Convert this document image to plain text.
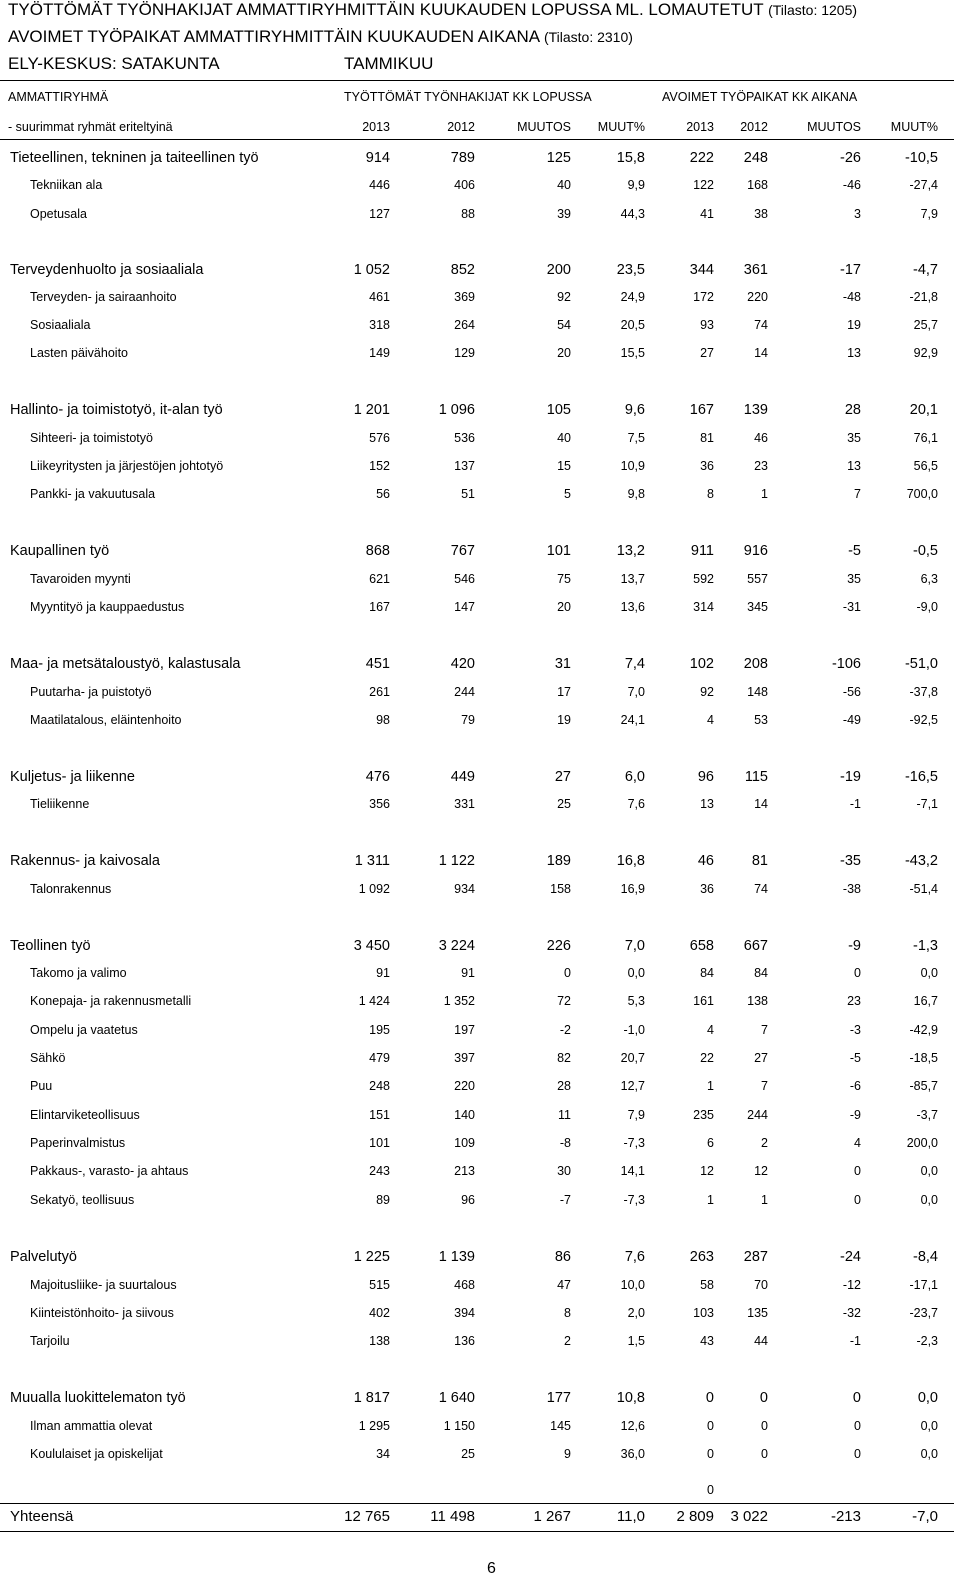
TYÖTTÖMÄT TYÖNHAKIJAT AMMATTIRYHMITTÄIN KUUKAUDEN LOPUSSA ML. LOMAUTETUT (Tilasto: 1205)
AVOIMET TYÖPAIKAT AMMATTIRYHMITTÄIN KUUKAUDEN AIKANA (Tilasto: 2310)
ELY-KESKUS: SATAKUNTA	TAMMIKUU
AMMATTIRYHMÄ	TYÖTTÖMÄT TYÖNHAKIJAT KK LOPUSSA	AVOIMET TYÖPAIKAT KK AIKANA
- suurimmat ryhmät eriteltyinä	2013	2012	MUUTOS	MUUT%	2013	2012	MUUTOS	MUUT%
Tieteellinen, tekninen ja taiteellinen työ	914	789	125	15,8	222	248	-26	-10,5
Tekniikan ala	446	406	40	9,9	122	168	-46	-27,4
Opetusala	127	88	39	44,3	41	38	3	7,9
Terveydenhuolto ja sosiaaliala	1 052	852	200	23,5	344	361	-17	-4,7
Terveyden- ja sairaanhoito	461	369	92	24,9	172	220	-48	-21,8
Sosiaaliala	318	264	54	20,5	93	74	19	25,7
Lasten päivähoito	149	129	20	15,5	27	14	13	92,9
Hallinto- ja toimistotyö, it-alan työ	1 201	1 096	105	9,6	167	139	28	20,1
Sihteeri- ja toimistotyö	576	536	40	7,5	81	46	35	76,1
Liikeyritysten ja järjestöjen johtotyö	152	137	15	10,9	36	23	13	56,5
Pankki- ja vakuutusala	56	51	5	9,8	8	1	7	700,0
Kaupallinen työ	868	767	101	13,2	911	916	-5	-0,5
Tavaroiden myynti	621	546	75	13,7	592	557	35	6,3
Myyntityö ja kauppaedustus	167	147	20	13,6	314	345	-31	-9,0
Maa- ja metsätaloustyö, kalastusala	451	420	31	7,4	102	208	-106	-51,0
Puutarha- ja puistotyö	261	244	17	7,0	92	148	-56	-37,8
Maatilatalous, eläintenhoito	98	79	19	24,1	4	53	-49	-92,5
Kuljetus- ja liikenne	476	449	27	6,0	96	115	-19	-16,5
Tieliikenne	356	331	25	7,6	13	14	-1	-7,1
Rakennus- ja kaivosala	1 311	1 122	189	16,8	46	81	-35	-43,2
Talonrakennus	1 092	934	158	16,9	36	74	-38	-51,4
Teollinen työ	3 450	3 224	226	7,0	658	667	-9	-1,3
Takomo ja valimo	91	91	0	0,0	84	84	0	0,0
Konepaja- ja rakennusmetalli	1 424	1 352	72	5,3	161	138	23	16,7
Ompelu ja vaatetus	195	197	-2	-1,0	4	7	-3	-42,9
Sähkö	479	397	82	20,7	22	27	-5	-18,5
Puu	248	220	28	12,7	1	7	-6	-85,7
Elintarviketeollisuus	151	140	11	7,9	235	244	-9	-3,7
Paperinvalmistus	101	109	-8	-7,3	6	2	4	200,0
Pakkaus-, varasto- ja ahtaus	243	213	30	14,1	12	12	0	0,0
Sekatyö, teollisuus	89	96	-7	-7,3	1	1	0	0,0
Palvelutyö	1 225	1 139	86	7,6	263	287	-24	-8,4
Majoitusliike- ja suurtalous	515	468	47	10,0	58	70	-12	-17,1
Kiinteistönhoito- ja siivous	402	394	8	2,0	103	135	-32	-23,7
Tarjoilu	138	136	2	1,5	43	44	-1	-2,3
Muualla luokittelematon työ	1 817	1 640	177	10,8	0	0	0	0,0
Ilman ammattia olevat	1 295	1 150	145	12,6	0	0	0	0,0
Koululaiset ja opiskelijat	34	25	9	36,0	0	0	0	0,0
0
Yhteensä	12 765	11 498	1 267	11,0	2 809	3 022	-213	-7,0
6
